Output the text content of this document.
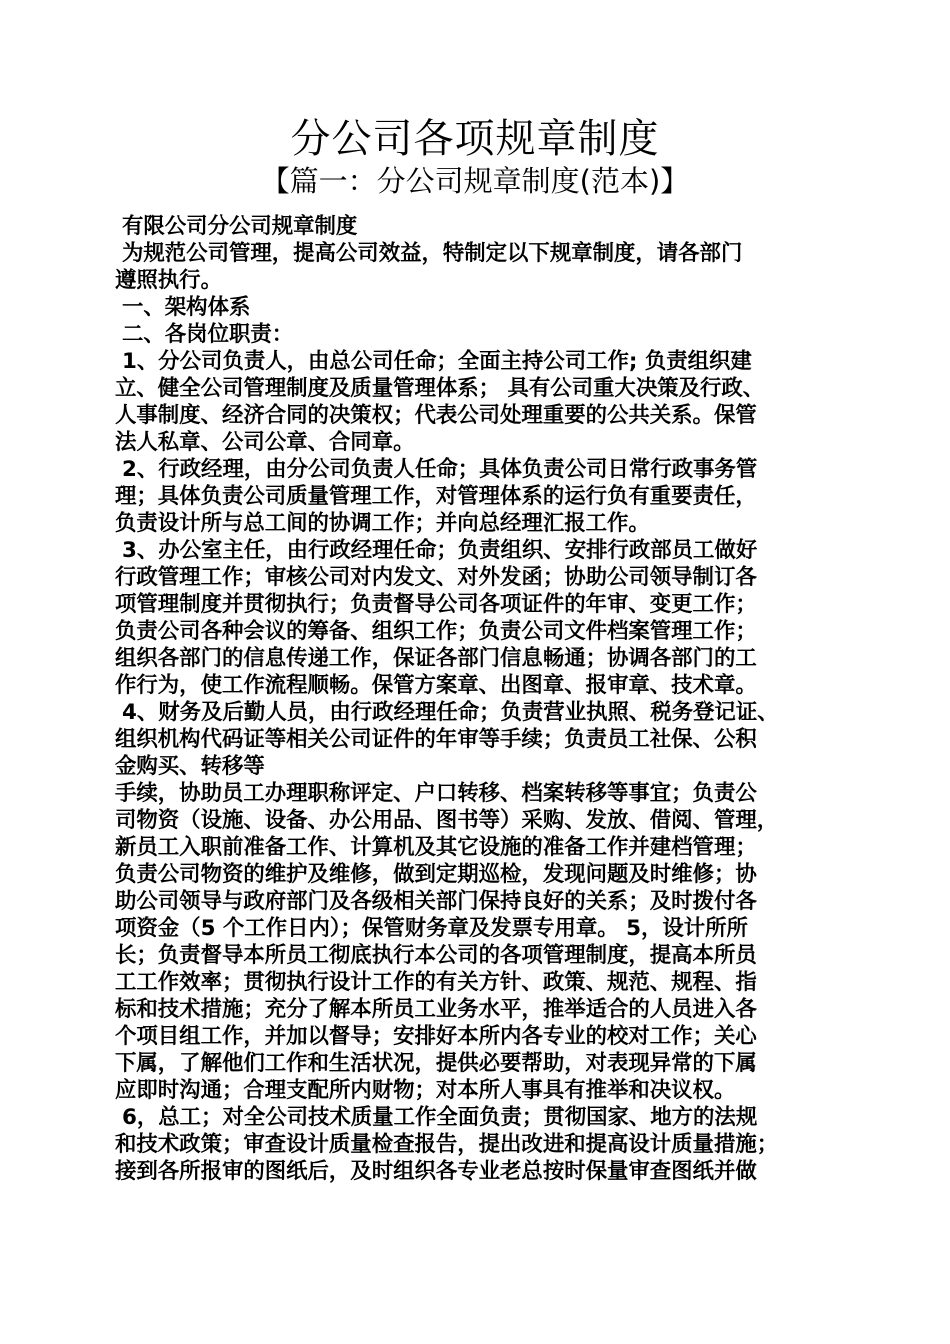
分公司各项规章制度
【篇一：分公司规章制度(范本)】
有限公司分公司规章制度
为规范公司管理，提高公司效益，特制定以下规章制度，请各部门
遵照执行。
一、架构体系
二、各岗位职责：
1、分公司负责人，由总公司任命；全面主持公司工作; 负责组织建
立、健全公司管理制度及质量管理体系； 具有公司重大决策及行政、
人事制度、经济合同的决策权；代表公司处理重要的公共关系。保管
法人私章、公司公章、合同章。
2、行政经理，由分公司负责人任命；具体负责公司日常行政事务管
理；具体负责公司质量管理工作，对管理体系的运行负有重要责任，
负责设计所与总工间的协调工作；并向总经理汇报工作。
3、办公室主任，由行政经理任命；负责组织、安排行政部员工做好
行政管理工作；审核公司对内发文、对外发函；协助公司领导制订各
项管理制度并贯彻执行；负责督导公司各项证件的年审、变更工作；
负责公司各种会议的筹备、组织工作；负责公司文件档案管理工作；
组织各部门的信息传递工作，保证各部门信息畅通；协调各部门的工
作行为，使工作流程顺畅。保管方案章、出图章、报审章、技术章。
4、财务及后勤人员，由行政经理任命；负责营业执照、税务登记证、
组织机构代码证等相关公司证件的年审等手续；负责员工社保、公积
金购买、转移等
手续，协助员工办理职称评定、户口转移、档案转移等事宜；负责公
司物资（设施、设备、办公用品、图书等）采购、发放、借阅、管理，
新员工入职前准备工作、计算机及其它设施的准备工作并建档管理；
负责公司物资的维护及维修，做到定期巡检，发现问题及时维修；协
助公司领导与政府部门及各级相关部门保持良好的关系；及时拨付各
项资金（5 个工作日内）；保管财务章及发票专用章。 5，设计所所
长；负责督导本所员工彻底执行本公司的各项管理制度，提高本所员
工工作效率；贯彻执行设计工作的有关方针、政策、规范、规程、指
标和技术措施；充分了解本所员工业务水平，推举适合的人员进入各
个项目组工作，并加以督导；安排好本所内各专业的校对工作；关心
下属，了解他们工作和生活状况，提供必要帮助，对表现异常的下属
应即时沟通；合理支配所内财物；对本所人事具有推举和决议权。
6，总工；对全公司技术质量工作全面负责；贯彻国家、地方的法规
和技术政策；审查设计质量检查报告，提出改进和提高设计质量措施；
接到各所报审的图纸后，及时组织各专业老总按时保量审查图纸并做
